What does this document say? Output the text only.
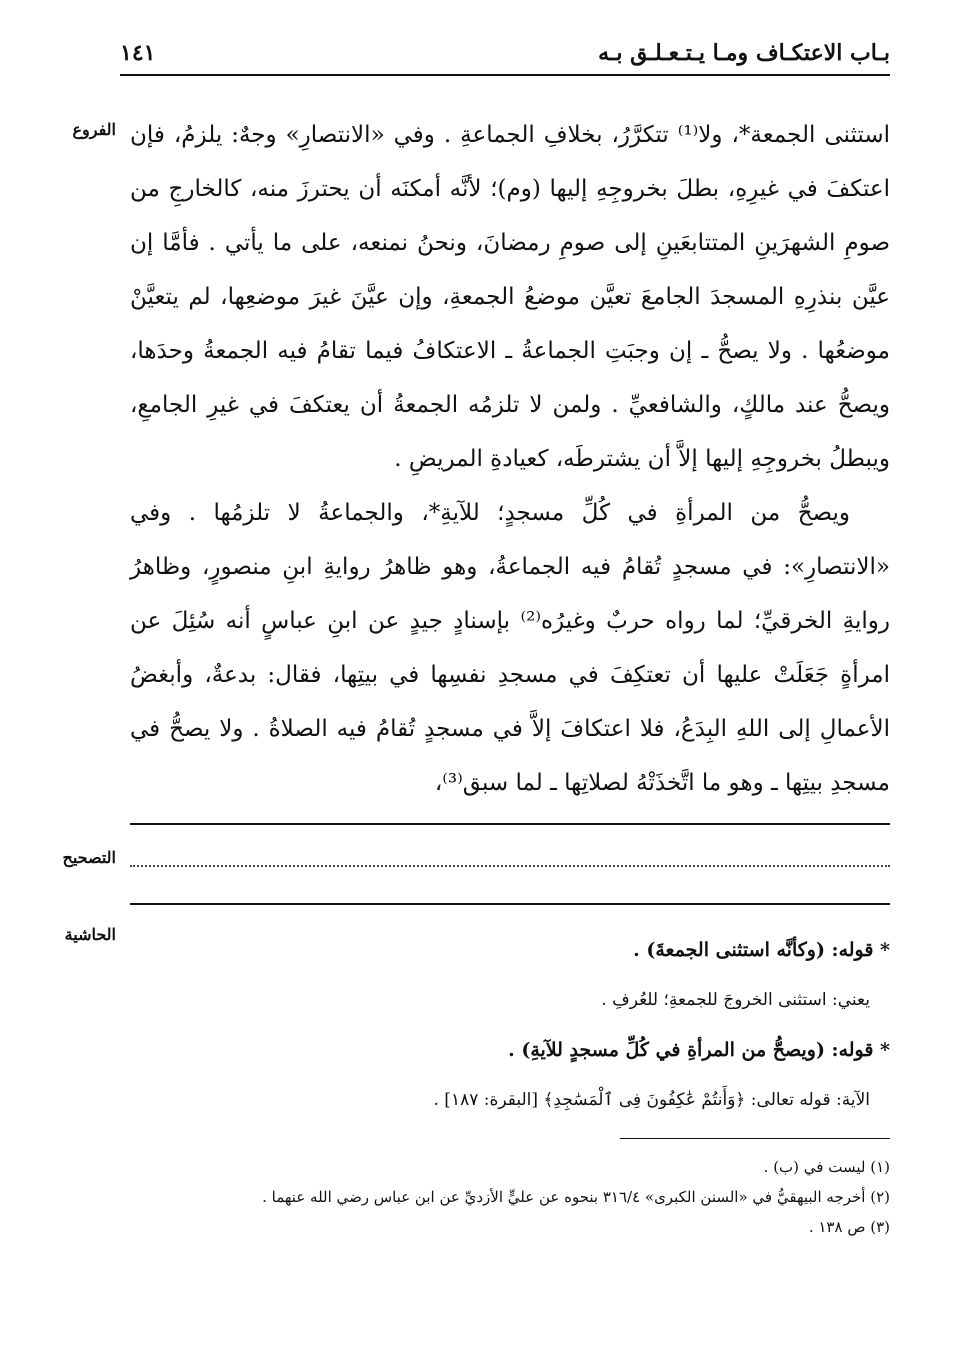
بـاب الاعتكـاف ومـا يـتـعـلـق بـه
١٤١
الفروع استثنى الجمعة*، ولا⁽¹⁾ تتكرَّرُ، بخلافِ الجماعةِ . وفي «الانتصارِ» وجهٌ: يلزمُ، فإن اعتكفَ في غيرِهِ، بطلَ بخروجِهِ إليها (وم)؛ لأنَّه أمكنَه أن يحترزَ منه، كالخارجِ من صومِ الشهرَينِ المتتابعَينِ إلى صومِ رمضانَ، ونحنُ نمنعه، على ما يأتي . فأمَّا إن عيَّن بنذرِهِ المسجدَ الجامعَ تعيَّن موضعُ الجمعةِ، وإن عيَّنَ غيرَ موضعِها، لم يتعيَّنْ موضعُها . ولا يصحُّ ـ إن وجبَتِ الجماعةُ ـ الاعتكافُ فيما تقامُ فيه الجمعةُ وحدَها، ويصحُّ عند مالكٍ، والشافعيِّ . ولمن لا تلزمُه الجمعةُ أن يعتكفَ في غيرِ الجامعِ، ويبطلُ بخروجِهِ إليها إلاَّ أن يشترطَه، كعيادةِ المريضِ .

ويصحُّ من المرأةِ في كُلِّ مسجدٍ؛ للآيةِ*، والجماعةُ لا تلزمُها . وفي «الانتصارِ»: في مسجدٍ تُقامُ فيه الجماعةُ، وهو ظاهرُ روايةِ ابنِ منصورٍ، وظاهرُ روايةِ الخرقيِّ؛ لما رواه حربٌ وغيرُه⁽²⁾ بإسنادٍ جيدٍ عن ابنِ عباسٍ أنه سُئِلَ عن امرأةٍ جَعَلَتْ عليها أن تعتكِفَ في مسجدِ نفسِها في بيتِها، فقال: بدعةٌ، وأبغضُ الأعمالِ إلى اللهِ البِدَعُ، فلا اعتكافَ إلاَّ في مسجدٍ تُقامُ فيه الصلاةُ . ولا يصحُّ في مسجدِ بيتِها ـ وهو ما اتَّخذَتْهُ لصلاتِها ـ لما سبق⁽³⁾،

التصحيح
الحاشية

* قوله: (وكأنَّه استثنى الجمعةَ) .

يعني: استثنى الخروجَ للجمعةِ؛ للعُرفِ .

* قوله: (ويصحُّ من المرأةِ في كُلِّ مسجدٍ للآيةِ) .

الآية: قوله تعالى: ﴿وَأَنتُمْ عَٰكِفُونَ فِى ٱلْمَسَٰجِدِ﴾ [البقرة: ١٨٧] .

(١) ليست في (ب) .

(٢) أخرجه البيهقيُّ في «السنن الكبرى» ٣١٦/٤ بنحوه عن عليٍّ الأزديِّ عن ابن عباس رضي الله عنهما .

(٣) ص ١٣٨ .
